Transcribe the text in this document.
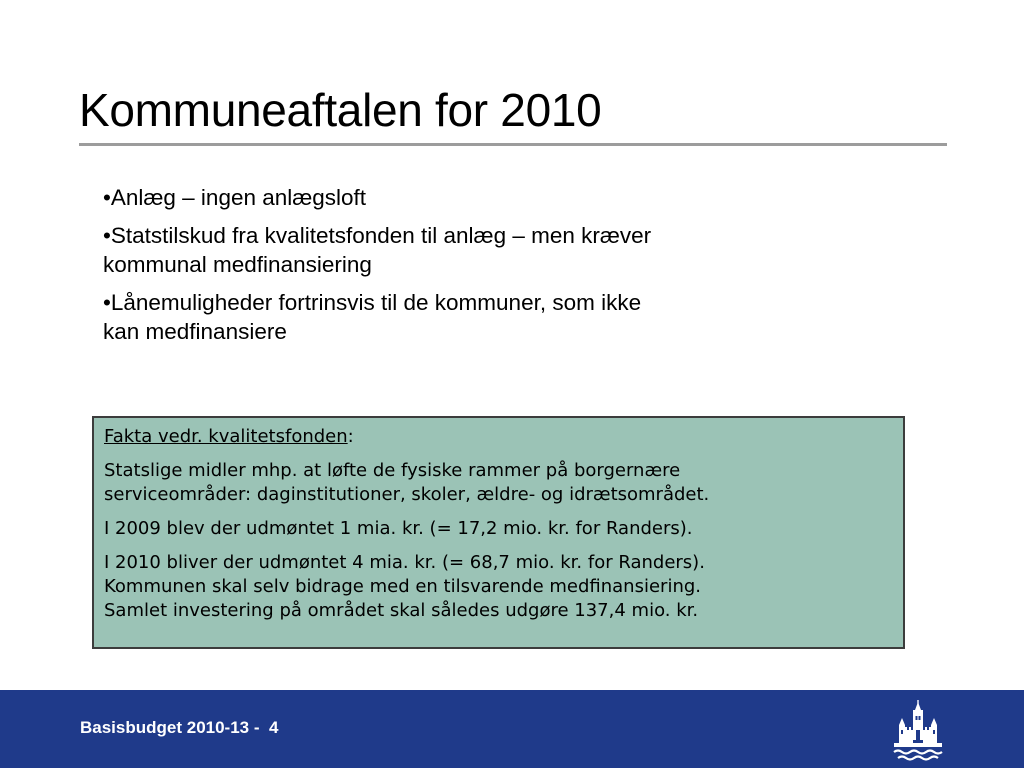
Kommuneaftalen for 2010
•Anlæg – ingen anlægsloft
•Statstilskud fra kvalitetsfonden til anlæg – men kræver
kommunal medfinansiering
•Lånemuligheder fortrinsvis til de kommuner, som ikke
kan medfinansiere

Fakta vedr. kvalitetsfonden:

Statslige midler mhp. at løfte de fysiske rammer på borgernære
serviceområder: daginstitutioner, skoler, ældre- og idrætsområdet.

I 2009 blev der udmøntet 1 mia. kr. (= 17,2 mio. kr. for Randers).

I 2010 bliver der udmøntet 4 mia. kr. (= 68,7 mio. kr. for Randers).
Kommunen skal selv bidrage med en tilsvarende medfinansiering.
Samlet investering på området skal således udgøre 137,4 mio. kr.

Basisbudget 2010-13 -  4
